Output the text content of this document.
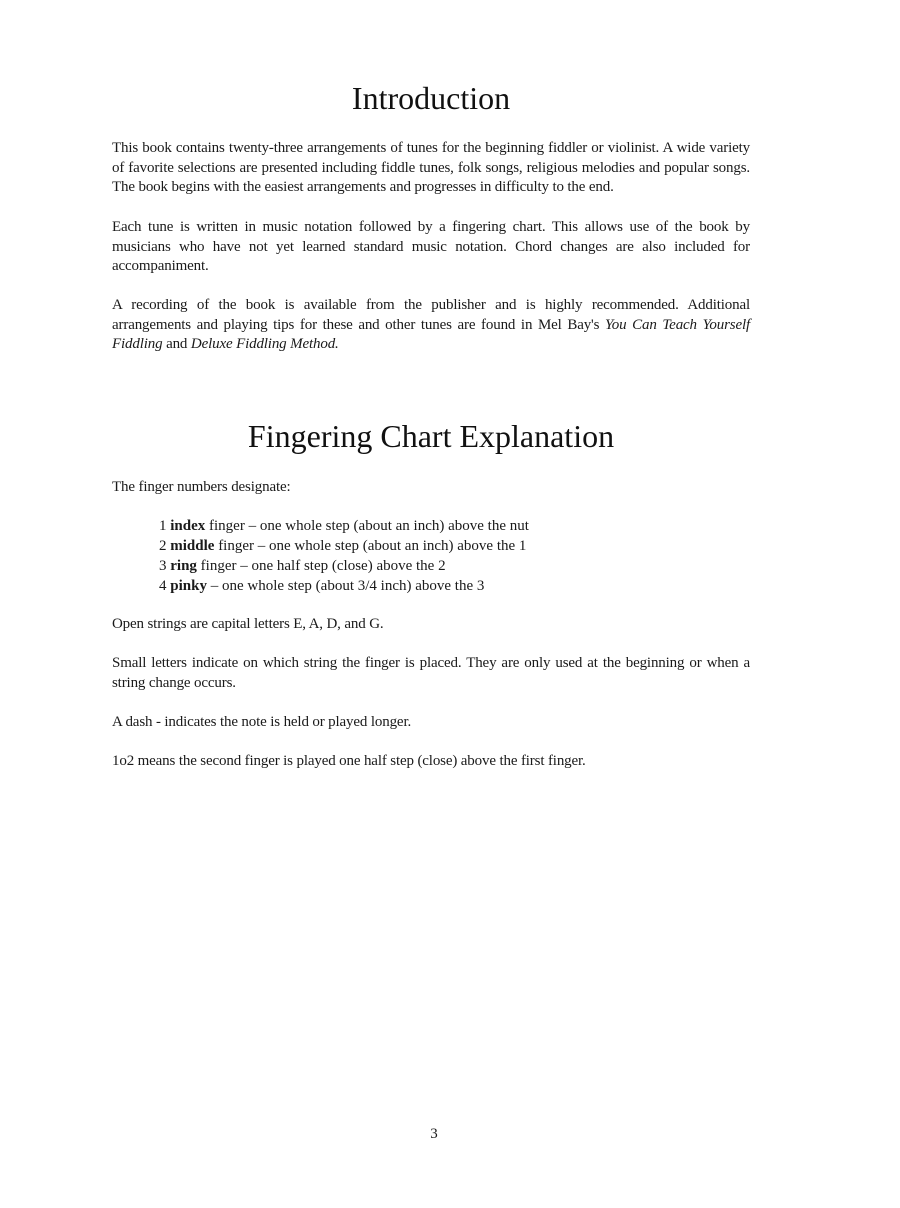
Introduction

This book contains twenty-three arrangements of tunes for the beginning fiddler or violinist. A wide variety of favorite selections are presented including fiddle tunes, folk songs, religious melodies and popular songs. The book begins with the easiest arrangements and progresses in difficulty to the end.

Each tune is written in music notation followed by a fingering chart. This allows use of the book by musicians who have not yet learned standard music notation. Chord changes are also included for accompaniment.

A recording of the book is available from the publisher and is highly recommended. Additional arrangements and playing tips for these and other tunes are found in Mel Bay's You Can Teach Yourself Fiddling and Deluxe Fiddling Method.

Fingering Chart Explanation

The finger numbers designate:

1 index finger – one whole step (about an inch) above the nut
2 middle finger – one whole step (about an inch) above the 1
3 ring finger – one half step (close) above the 2
4 pinky – one whole step (about 3/4 inch) above the 3

Open strings are capital letters E, A, D, and G.

Small letters indicate on which string the finger is placed. They are only used at the beginning or when a string change occurs.

A dash - indicates the note is held or played longer.

1o2 means the second finger is played one half step (close) above the first finger.

3
